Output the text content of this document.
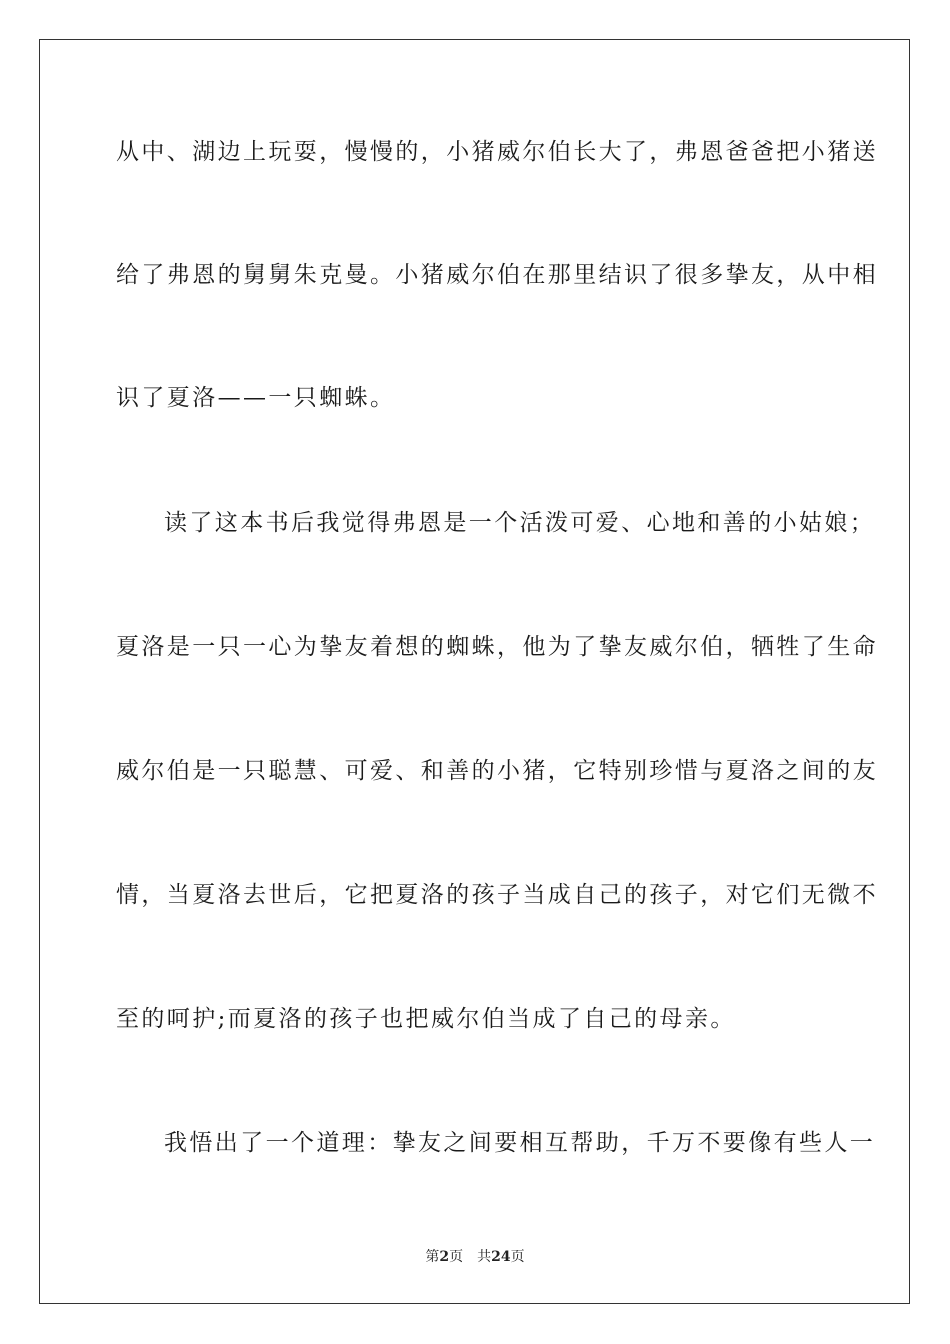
从中、湖边上玩耍，慢慢的，小猪威尔伯长大了，弗恩爸爸把小猪送
给了弗恩的舅舅朱克曼。小猪威尔伯在那里结识了很多挚友，从中相
识了夏洛——一只蜘蛛。
读了这本书后我觉得弗恩是一个活泼可爱、心地和善的小姑娘；
夏洛是一只一心为挚友着想的蜘蛛，他为了挚友威尔伯，牺牲了生命
威尔伯是一只聪慧、可爱、和善的小猪，它特别珍惜与夏洛之间的友
情，当夏洛去世后，它把夏洛的孩子当成自己的孩子，对它们无微不
至的呵护;而夏洛的孩子也把威尔伯当成了自己的母亲。
我悟出了一个道理：挚友之间要相互帮助，千万不要像有些人一
第2页 共24页
